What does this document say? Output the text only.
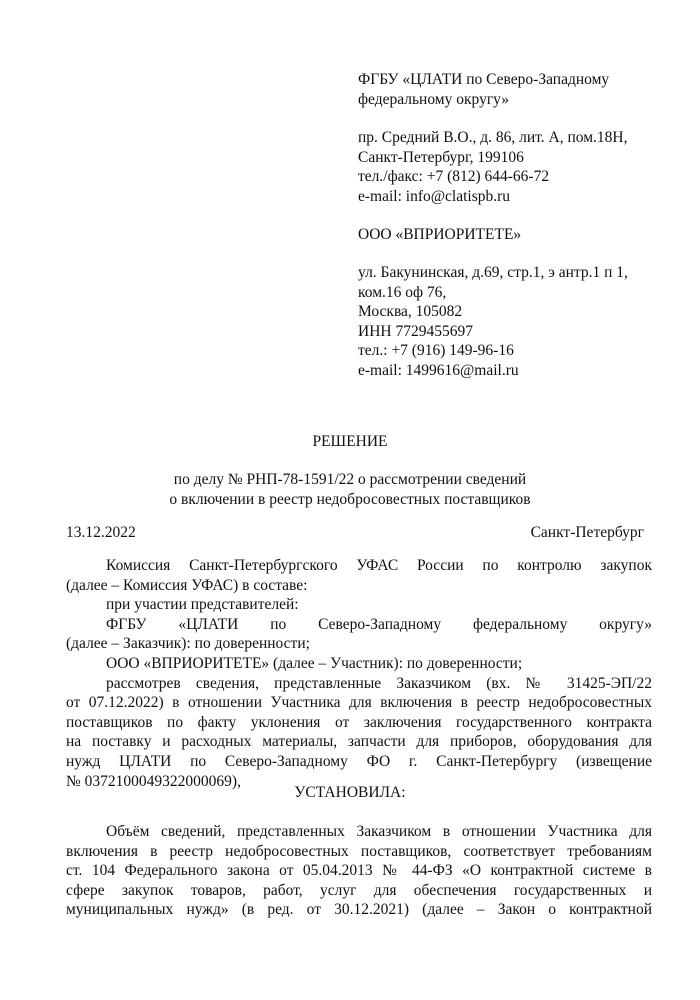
ФГБУ «ЦЛАТИ по Северо-Западному
федеральному округу»
пр. Средний В.О., д. 86, лит. А, пом.18Н,
Санкт-Петербург, 199106
тел./факс: +7 (812) 644-66-72
e-mail: info@clatispb.ru
ООО «ВПРИОРИТЕТЕ»
ул. Бакунинская, д.69, стр.1, э антр.1 п 1,
ком.16 оф 76,
Москва, 105082
ИНН 7729455697
тел.: +7 (916) 149-96-16
e-mail: 1499616@mail.ru
РЕШЕНИЕ
по делу № РНП-78-1591/22 о рассмотрении сведений
о включении в реестр недобросовестных поставщиков
13.12.2022	Санкт-Петербург
Комиссия Санкт-Петербургского УФАС России по контролю закупок
(далее – Комиссия УФАС) в составе:
при участии представителей:
ФГБУ «ЦЛАТИ по Северо-Западному федеральному округу»
(далее – Заказчик): по доверенности;
ООО «ВПРИОРИТЕТЕ» (далее – Участник): по доверенности;
рассмотрев сведения, представленные Заказчиком (вх. № 31425-ЭП/22
от 07.12.2022) в отношении Участника для включения в реестр недобросовестных
поставщиков по факту уклонения от заключения государственного контракта
на поставку и расходных материалы, запчасти для приборов, оборудования для
нужд ЦЛАТИ по Северо-Западному ФО г. Санкт-Петербургу (извещение
№ 0372100049322000069),
УСТАНОВИЛА:
Объём сведений, представленных Заказчиком в отношении Участника для
включения в реестр недобросовестных поставщиков, соответствует требованиям
ст. 104 Федерального закона от 05.04.2013 № 44-ФЗ «О контрактной системе в
сфере закупок товаров, работ, услуг для обеспечения государственных и
муниципальных нужд» (в ред. от 30.12.2021) (далее – Закон о контрактной
